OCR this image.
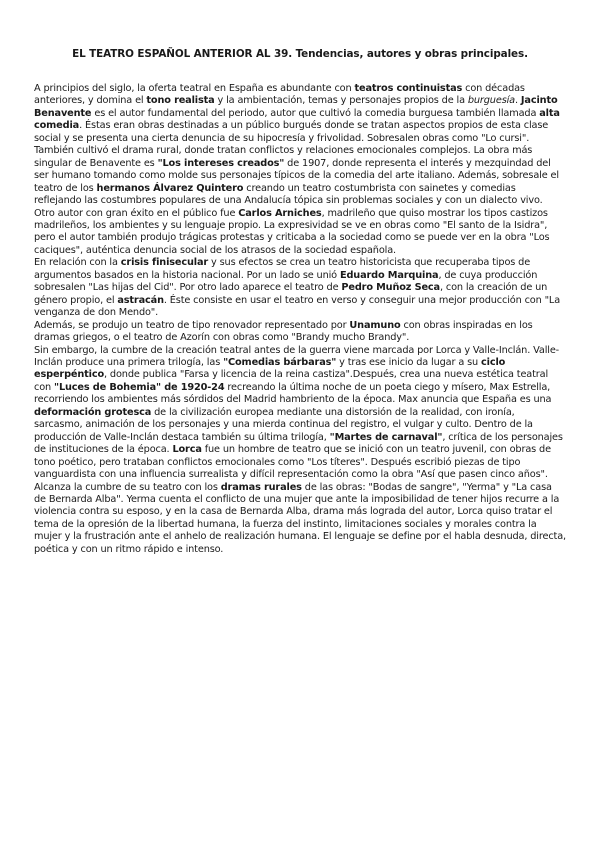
EL TEATRO ESPAÑOL ANTERIOR AL 39. Tendencias, autores y obras principales.

A principios del siglo, la oferta teatral en España es abundante con teatros continuistas con décadas anteriores, y domina el tono realista y la ambientación, temas y personajes propios de la burguesía. Jacinto Benavente es el autor fundamental del periodo, autor que cultivó la comedia burguesa también llamada alta comedia. Éstas eran obras destinadas a un público burgués donde se tratan aspectos propios de esta clase social y se presenta una cierta denuncia de su hipocresía y frivolidad. Sobresalen obras como "Lo cursi".

También cultivó el drama rural, donde tratan conflictos y relaciones emocionales complejos. La obra más singular de Benavente es "Los intereses creados" de 1907, donde representa el interés y mezquindad del ser humano tomando como molde sus personajes típicos de la comedia del arte italiano. Además, sobresale el teatro de los hermanos Álvarez Quintero creando un teatro costumbrista con sainetes y comedias reflejando las costumbres populares de una Andalucía tópica sin problemas sociales y con un dialecto vivo. Otro autor con gran éxito en el público fue Carlos Arniches, madrileño que quiso mostrar los tipos castizos madrileños, los ambientes y su lenguaje propio. La expresividad se ve en obras como "El santo de la Isidra", pero el autor también produjo trágicas protestas y criticaba a la sociedad como se puede ver en la obra "Los caciques", auténtica denuncia social de los atrasos de la sociedad española.

En relación con la crisis finisecular y sus efectos se crea un teatro historicista que recuperaba tipos de argumentos basados en la historia nacional. Por un lado se unió Eduardo Marquina, de cuya producción sobresalen "Las hijas del Cid". Por otro lado aparece el teatro de Pedro Muñoz Seca, con la creación de un género propio, el astracán. Éste consiste en usar el teatro en verso y conseguir una mejor producción con "La venganza de don Mendo".

Además, se produjo un teatro de tipo renovador representado por Unamuno con obras inspiradas en los dramas griegos, o el teatro de Azorín con obras como "Brandy mucho Brandy".

Sin embargo, la cumbre de la creación teatral antes de la guerra viene marcada por Lorca y Valle-Inclán. Valle-Inclán produce una primera trilogía, las "Comedias bárbaras" y tras ese inicio da lugar a su ciclo esperpéntico, donde publica "Farsa y licencia de la reina castiza".Después, crea una nueva estética teatral con "Luces de Bohemia" de 1920-24 recreando la última noche de un poeta ciego y mísero, Max Estrella, recorriendo los ambientes más sórdidos del Madrid hambriento de la época. Max anuncia que España es una deformación grotesca de la civilización europea mediante una distorsión de la realidad, con ironía, sarcasmo, animación de los personajes y una mierda continua del registro, el vulgar y culto. Dentro de la producción de Valle-Inclán destaca también su última trilogía, "Martes de carnaval", crítica de los personajes de instituciones de la época. Lorca fue un hombre de teatro que se inició con un teatro juvenil, con obras de tono poético, pero trataban conflictos emocionales como "Los títeres". Después escribió piezas de tipo vanguardista con una influencia surrealista y difícil representación como la obra "Así que pasen cinco años". Alcanza la cumbre de su teatro con los dramas rurales de las obras: "Bodas de sangre", "Yerma" y "La casa de Bernarda Alba". Yerma cuenta el conflicto de una mujer que ante la imposibilidad de tener hijos recurre a la violencia contra su esposo, y en la casa de Bernarda Alba, drama más lograda del autor, Lorca quiso tratar el tema de la opresión de la libertad humana, la fuerza del instinto, limitaciones sociales y morales contra la mujer y la frustración ante el anhelo de realización humana. El lenguaje se define por el habla desnuda, directa, poética y con un ritmo rápido e intenso.
